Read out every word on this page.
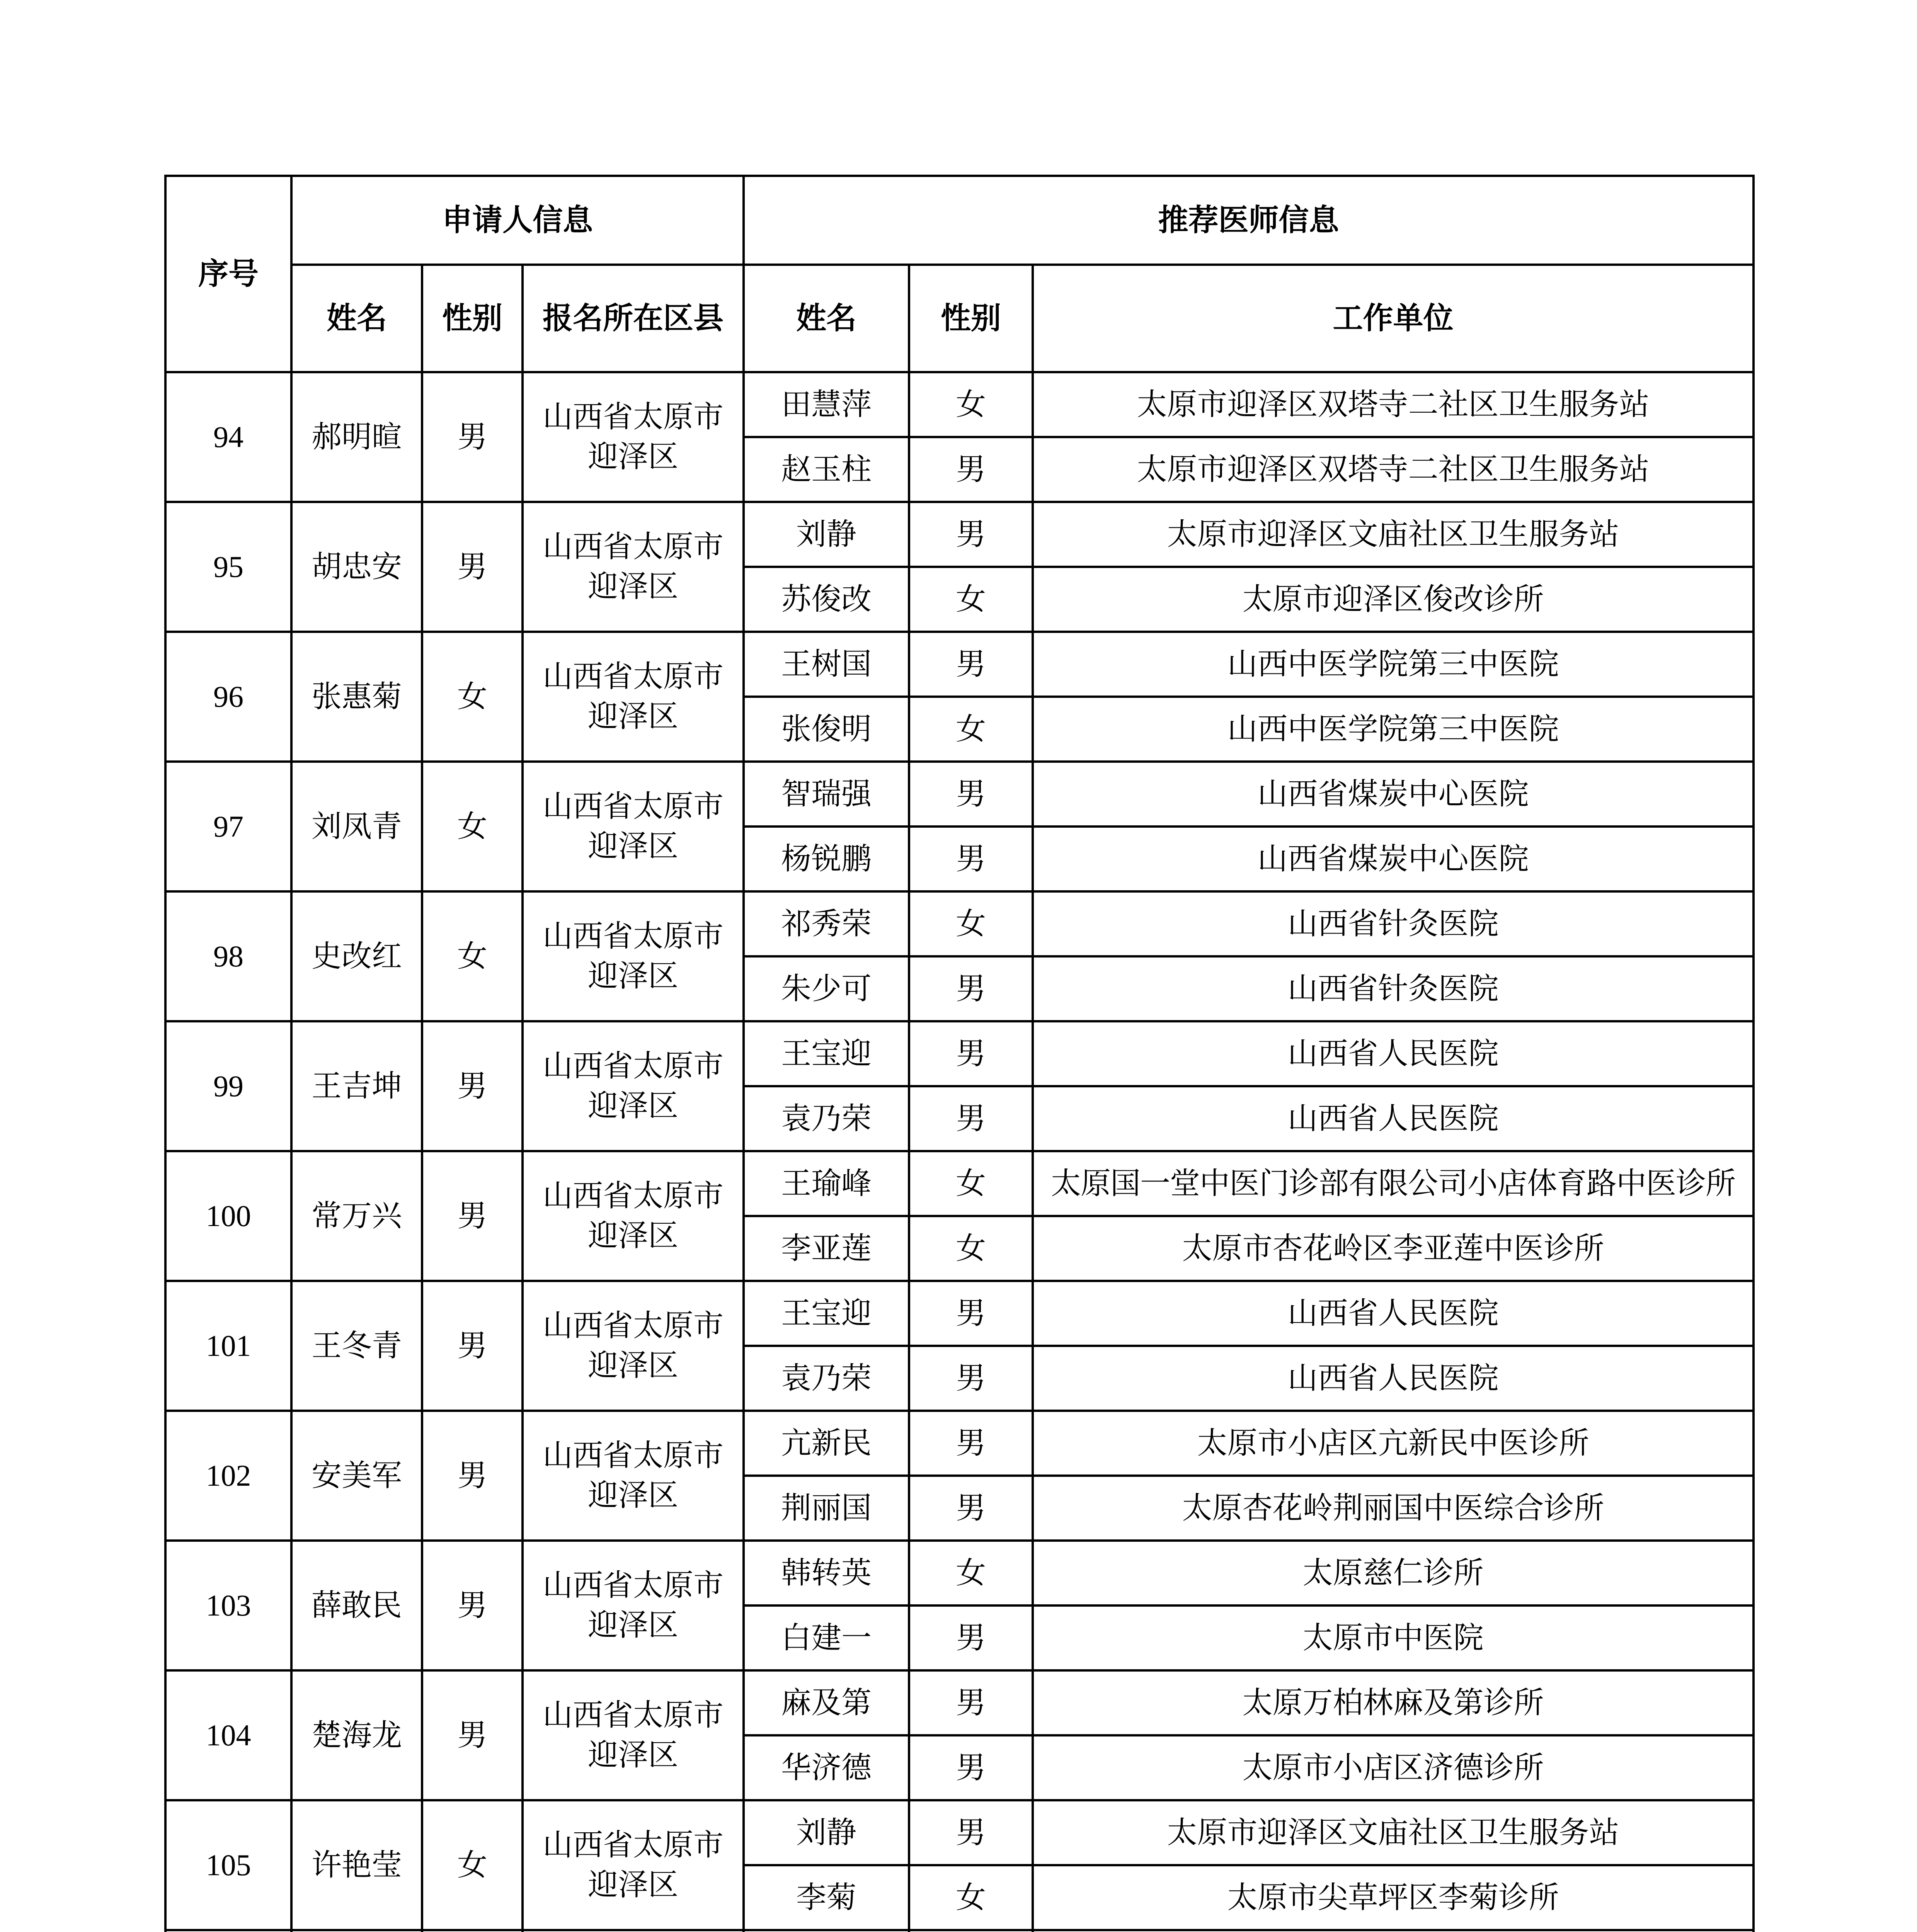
序号	申请人信息			推荐医师信息		
	姓名	性别	报名所在区县	姓名	性别	工作单位
94	郝明暄	男	山西省太原市迎泽区	田慧萍	女	太原市迎泽区双塔寺二社区卫生服务站
				赵玉柱	男	太原市迎泽区双塔寺二社区卫生服务站
95	胡忠安	男	山西省太原市迎泽区	刘静	男	太原市迎泽区文庙社区卫生服务站
				苏俊改	女	太原市迎泽区俊改诊所
96	张惠菊	女	山西省太原市迎泽区	王树国	男	山西中医学院第三中医院
				张俊明	女	山西中医学院第三中医院
97	刘凤青	女	山西省太原市迎泽区	智瑞强	男	山西省煤炭中心医院
				杨锐鹏	男	山西省煤炭中心医院
98	史改红	女	山西省太原市迎泽区	祁秀荣	女	山西省针灸医院
				朱少可	男	山西省针灸医院
99	王吉坤	男	山西省太原市迎泽区	王宝迎	男	山西省人民医院
				袁乃荣	男	山西省人民医院
100	常万兴	男	山西省太原市迎泽区	王瑜峰	女	太原国一堂中医门诊部有限公司小店体育路中医诊所
				李亚莲	女	太原市杏花岭区李亚莲中医诊所
101	王冬青	男	山西省太原市迎泽区	王宝迎	男	山西省人民医院
				袁乃荣	男	山西省人民医院
102	安美军	男	山西省太原市迎泽区	亢新民	男	太原市小店区亢新民中医诊所
				荆丽国	男	太原杏花岭荆丽国中医综合诊所
103	薛敢民	男	山西省太原市迎泽区	韩转英	女	太原慈仁诊所
				白建一	男	太原市中医院
104	楚海龙	男	山西省太原市迎泽区	麻及第	男	太原万柏林麻及第诊所
				华济德	男	太原市小店区济德诊所
105	许艳莹	女	山西省太原市迎泽区	刘静	男	太原市迎泽区文庙社区卫生服务站
				李菊	女	太原市尖草坪区李菊诊所
